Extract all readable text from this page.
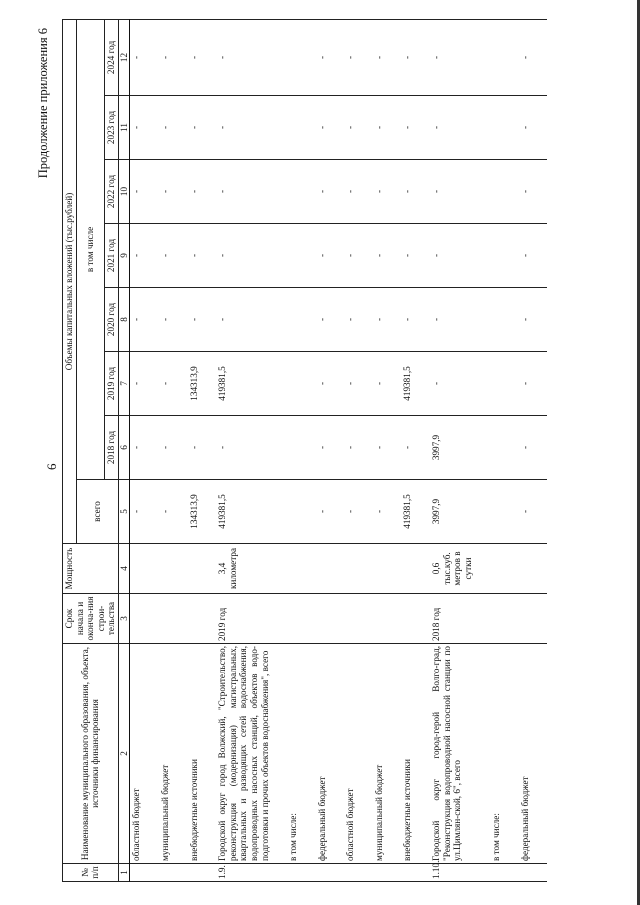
6
Продолжение приложения 6
№ п/п	Наименование муниципального образования, объекта, источники финансирования	Срок начала и оконча-ния строи-тельства	Мощность	Объемы капитальных вложений (тыс.рублей)							
				всего	в том числе						
					2018 год	2019 год	2020 год	2021 год	2022 год	2023 год	2024 год
1	2	3	4	5	6	7	8	9	10	11	12
	областной бюджет			-	-	-	-	-	-	-	-

	муниципальный бюджет			-	-	-	-	-	-	-	-

	внебюджетные источники			134313,9	-	134313,9	-	-	-	-	-

1.9.	Городской округ город Волжский, "Строительство, реконструкция (модернизация) магистральных, квартальных и разводящих сетей водоснабжения, водопроводных насосных станций, объектов водо-подготовки и прочих объектов водоснабжения", всего	2019 год	3,4 километра	419381,5	-	419381,5	-	-	-	-	-

	в том числе:										

	федеральный бюджет			-	-	-	-	-	-	-	-

	областной бюджет			-	-	-	-	-	-	-	-

	муниципальный бюджет			-	-	-	-	-	-	-	-

	внебюджетные источники			419381,5	-	419381,5	-	-	-	-	-

1.10.	Городской округ город-герой Волго-град, "Реконструкция водопроводной насосной станции по ул.Цимлян-ской, 6", всего	2018 год	0,6 тыс.куб. метров в сутки	3997,9	3997,9	-	-	-	-	-	-

	в том числе:										

	федеральный бюджет			-	-	-	-	-	-	-	-
